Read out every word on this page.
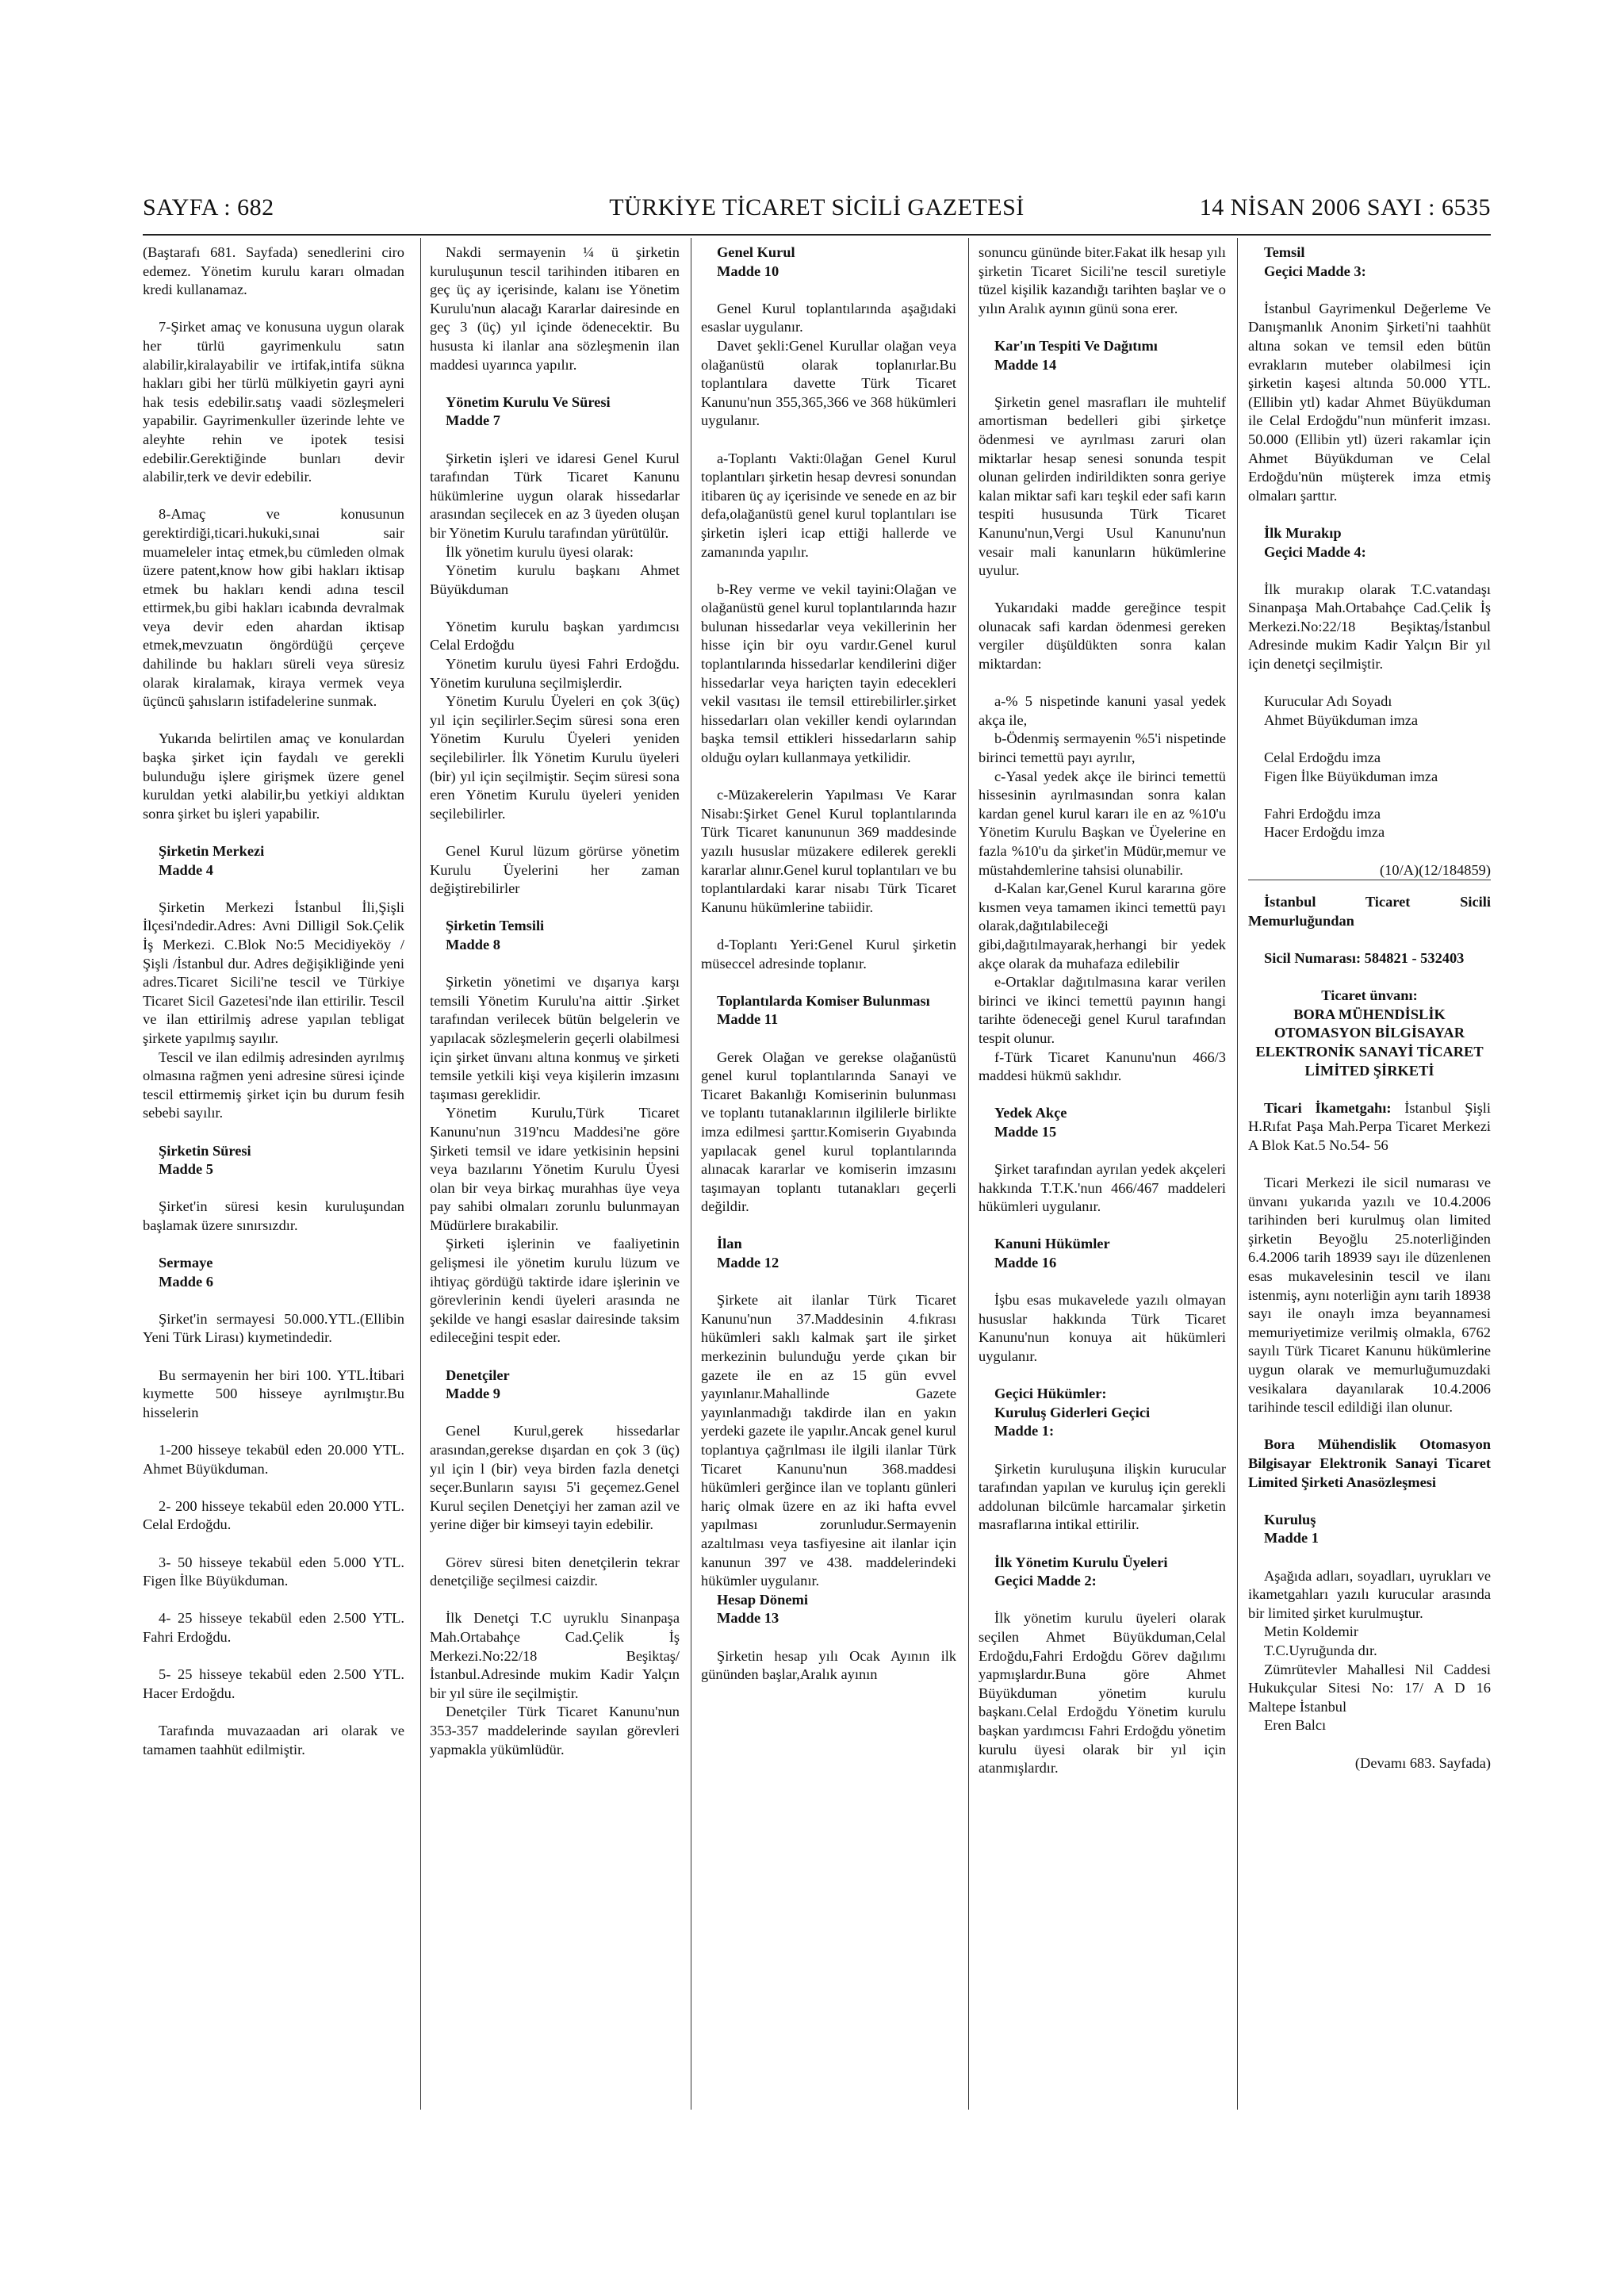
SAYFA : 682	TÜRKİYE TİCARET SİCİLİ GAZETESİ	14 NİSAN 2006 SAYI : 6535

(Baştarafı 681. Sayfada) senedlerini ciro edemez. Yönetim kurulu kararı olmadan kredi kullanamaz.

7-Şirket amaç ve konusuna uygun olarak her türlü gayrimenkulu satın alabilir,kiralayabilir ve irtifak,intifa sükna hakları gibi her türlü mülkiyetin gayri ayni hak tesis edebilir.satış vaadi sözleşmeleri yapabilir. Gayrimenkuller üzerinde lehte ve aleyhte rehin ve ipotek tesisi edebilir.Gerektiğinde bunları devir alabilir,terk ve devir edebilir.

8-Amaç ve konusunun gerektirdiği,ticari.hukuki,sınai sair muameleler intaç etmek,bu cümleden olmak üzere patent,know how gibi hakları iktisap etmek bu hakları kendi adına tescil ettirmek,bu gibi hakları icabında devralmak veya devir eden ahardan iktisap etmek,mevzuatın öngördüğü çerçeve dahilinde bu hakları süreli veya süresiz olarak kiralamak, kiraya vermek veya üçüncü şahısların istifadelerine sunmak.

Yukarıda belirtilen amaç ve konulardan başka şirket için faydalı ve gerekli bulunduğu işlere girişmek üzere genel kuruldan yetki alabilir,bu yetkiyi aldıktan sonra şirket bu işleri yapabilir.

Şirketin Merkezi

Madde 4

Şirketin Merkezi İstanbul İli,Şişli İlçesi'ndedir.Adres: Avni Dilligil Sok.Çelik İş Merkezi. C.Blok No:5 Mecidiyeköy / Şişli /İstanbul dur. Adres değişikliğinde yeni adres.Ticaret Sicili'ne tescil ve Türkiye Ticaret Sicil Gazetesi'nde ilan ettirilir. Tescil ve ilan ettirilmiş adrese yapılan tebligat şirkete yapılmış sayılır.

Tescil ve ilan edilmiş adresinden ayrılmış olmasına rağmen yeni adresine süresi içinde tescil ettirmemiş şirket için bu durum fesih sebebi sayılır.

Şirketin Süresi

Madde 5

Şirket'in süresi kesin kuruluşundan başlamak üzere sınırsızdır.

Sermaye

Madde 6

Şirket'in sermayesi 50.000.YTL.(Ellibin Yeni Türk Lirası) kıymetindedir.

Bu sermayenin her biri 100. YTL.İtibari kıymette 500 hisseye ayrılmıştır.Bu hisselerin

1-200 hisseye tekabül eden 20.000 YTL. Ahmet Büyükduman.

2- 200 hisseye tekabül eden 20.000 YTL. Celal Erdoğdu.

3- 50 hisseye tekabül eden 5.000 YTL. Figen İlke Büyükduman.

4- 25 hisseye tekabül eden 2.500 YTL. Fahri Erdoğdu.

5- 25 hisseye tekabül eden 2.500 YTL. Hacer Erdoğdu.

Tarafında muvazaadan ari olarak ve tamamen taahhüt edilmiştir.

Nakdi sermayenin ¼ ü şirketin kuruluşunun tescil tarihinden itibaren en geç üç ay içerisinde, kalanı ise Yönetim Kurulu'nun alacağı Kararlar dairesinde en geç 3 (üç) yıl içinde ödenecektir. Bu hususta ki ilanlar ana sözleşmenin ilan maddesi uyarınca yapılır.

Yönetim Kurulu Ve Süresi

Madde 7

Şirketin işleri ve idaresi Genel Kurul tarafından Türk Ticaret Kanunu hükümlerine uygun olarak hissedarlar arasından seçilecek en az 3 üyeden oluşan bir Yönetim Kurulu tarafından yürütülür.

İlk yönetim kurulu üyesi olarak:

Yönetim kurulu başkanı Ahmet Büyükduman

Yönetim kurulu başkan yardımcısı Celal Erdoğdu

Yönetim kurulu üyesi Fahri Erdoğdu. Yönetim kuruluna seçilmişlerdir.

Yönetim Kurulu Üyeleri en çok 3(üç) yıl için seçilirler.Seçim süresi sona eren Yönetim Kurulu Üyeleri yeniden seçilebilirler. İlk Yönetim Kurulu üyeleri (bir) yıl için seçilmiştir. Seçim süresi sona eren Yönetim Kurulu üyeleri yeniden seçilebilirler.

Genel Kurul lüzum görürse yönetim Kurulu Üyelerini her zaman değiştirebilirler

Şirketin Temsili

Madde 8

Şirketin yönetimi ve dışarıya karşı temsili Yönetim Kurulu'na aittir .Şirket tarafından verilecek bütün belgelerin ve yapılacak sözleşmelerin geçerli olabilmesi için şirket ünvanı altına konmuş ve şirketi temsile yetkili kişi veya kişilerin imzasını taşıması gereklidir.

Yönetim Kurulu,Türk Ticaret Kanunu'nun 319'ncu Maddesi'ne göre Şirketi temsil ve idare yetkisinin hepsini veya bazılarını Yönetim Kurulu Üyesi olan bir veya birkaç murahhas üye veya pay sahibi olmaları zorunlu bulunmayan Müdürlere bırakabilir.

Şirketi işlerinin ve faaliyetinin gelişmesi ile yönetim kurulu lüzum ve ihtiyaç gördüğü taktirde idare işlerinin ve görevlerinin kendi üyeleri arasında ne şekilde ve hangi esaslar dairesinde taksim edileceğini tespit eder.

Denetçiler

Madde 9

Genel Kurul,gerek hissedarlar arasından,gerekse dışardan en çok 3 (üç) yıl için l (bir) veya birden fazla denetçi seçer.Bunların sayısı 5'i geçemez.Genel Kurul seçilen Denetçiyi her zaman azil ve yerine diğer bir kimseyi tayin edebilir.

Görev süresi biten denetçilerin tekrar denetçiliğe seçilmesi caizdir.

İlk Denetçi T.C uyruklu Sinanpaşa Mah.Ortabahçe Cad.Çelik İş Merkezi.No:22/18 Beşiktaş/İstanbul.Adresinde mukim Kadir Yalçın bir yıl süre ile seçilmiştir.

Denetçiler Türk Ticaret Kanunu'nun 353-357 maddelerinde sayılan görevleri yapmakla yükümlüdür.

Genel Kurul

Madde 10

Genel Kurul toplantılarında aşağıdaki esaslar uygulanır.

Davet şekli:Genel Kurullar olağan veya olağanüstü olarak toplanırlar.Bu toplantılara davette Türk Ticaret Kanunu'nun 355,365,366 ve 368 hükümleri uygulanır.

a-Toplantı Vakti:0lağan Genel Kurul toplantıları şirketin hesap devresi sonundan itibaren üç ay içerisinde ve senede en az bir defa,olağanüstü genel kurul toplantıları ise şirketin işleri icap ettiği hallerde ve zamanında yapılır.

b-Rey verme ve vekil tayini:Olağan ve olağanüstü genel kurul toplantılarında hazır bulunan hissedarlar veya vekillerinin her hisse için bir oyu vardır.Genel kurul toplantılarında hissedarlar kendilerini diğer hissedarlar veya hariçten tayin edecekleri vekil vasıtası ile temsil ettirebilirler.şirket hissedarları olan vekiller kendi oylarından başka temsil ettikleri hissedarların sahip olduğu oyları kullanmaya yetkilidir.

c-Müzakerelerin Yapılması Ve Karar Nisabı:Şirket Genel Kurul toplantılarında Türk Ticaret kanununun 369 maddesinde yazılı hususlar müzakere edilerek gerekli kararlar alınır.Genel kurul toplantıları ve bu toplantılardaki karar nisabı Türk Ticaret Kanunu hükümlerine tabiidir.

d-Toplantı Yeri:Genel Kurul şirketin müseccel adresinde toplanır.

Toplantılarda Komiser Bulunması

Madde 11

Gerek Olağan ve gerekse olağanüstü genel kurul toplantılarında Sanayi ve Ticaret Bakanlığı Komiserinin bulunması ve toplantı tutanaklarının ilgililerle birlikte imza edilmesi şarttır.Komiserin Gıyabında yapılacak genel kurul toplantılarında alınacak kararlar ve komiserin imzasını taşımayan toplantı tutanakları geçerli değildir.

İlan

Madde 12

Şirkete ait ilanlar Türk Ticaret Kanunu'nun 37.Maddesinin 4.fıkrası hükümleri saklı kalmak şart ile şirket merkezinin bulunduğu yerde çıkan bir gazete ile en az 15 gün evvel yayınlanır.Mahallinde Gazete yayınlanmadığı takdirde ilan en yakın yerdeki gazete ile yapılır.Ancak genel kurul toplantıya çağrılması ile ilgili ilanlar Türk Ticaret Kanunu'nun 368.maddesi hükümleri gerğince ilan ve toplantı günleri hariç olmak üzere en az iki hafta evvel yapılması zorunludur.Sermayenin azaltılması veya tasfiyesine ait ilanlar için kanunun 397 ve 438. maddelerindeki hükümler uygulanır.

Hesap Dönemi

Madde 13

Şirketin hesap yılı Ocak Ayının ilk gününden başlar,Aralık ayının

sonuncu gününde biter.Fakat ilk hesap yılı şirketin Ticaret Sicili'ne tescil suretiyle tüzel kişilik kazandığı tarihten başlar ve o yılın Aralık ayının günü sona erer.

Kar'ın Tespiti Ve Dağıtımı

Madde 14

Şirketin genel masrafları ile muhtelif amortisman bedelleri gibi şirketçe ödenmesi ve ayrılması zaruri olan miktarlar hesap senesi sonunda tespit olunan gelirden indirildikten sonra geriye kalan miktar safi karı teşkil eder safi karın tespiti hususunda Türk Ticaret Kanunu'nun,Vergi Usul Kanunu'nun vesair mali kanunların hükümlerine uyulur.

Yukarıdaki madde gereğince tespit olunacak safi kardan ödenmesi gereken vergiler düşüldükten sonra kalan miktardan:

a-% 5 nispetinde kanuni yasal yedek akça ile,

b-Ödenmiş sermayenin %5'i nispetinde birinci temettü payı ayrılır,

c-Yasal yedek akçe ile birinci temettü hissesinin ayrılmasından sonra kalan kardan genel kurul kararı ile en az %10'u Yönetim Kurulu Başkan ve Üyelerine en fazla %10'u da şirket'in Müdür,memur ve müstahdemlerine tahsisi olunabilir.

d-Kalan kar,Genel Kurul kararına göre kısmen veya tamamen ikinci temettü payı olarak,dağıtılabileceği gibi,dağıtılmayarak,herhangi bir yedek akçe olarak da muhafaza edilebilir

e-Ortaklar dağıtılmasına karar verilen birinci ve ikinci temettü payının hangi tarihte ödeneceği genel Kurul tarafından tespit olunur.

f-Türk Ticaret Kanunu'nun 466/3 maddesi hükmü saklıdır.

Yedek Akçe

Madde 15

Şirket tarafından ayrılan yedek akçeleri hakkında T.T.K.'nun 466/467 maddeleri hükümleri uygulanır.

Kanuni Hükümler

Madde 16

İşbu esas mukavelede yazılı olmayan hususlar hakkında Türk Ticaret Kanunu'nun konuya ait hükümleri uygulanır.

Geçici Hükümler:

Kuruluş Giderleri Geçici

Madde 1:

Şirketin kuruluşuna ilişkin kurucular tarafından yapılan ve kuruluş için gerekli addolunan bilcümle harcamalar şirketin masraflarına intikal ettirilir.

İlk Yönetim Kurulu Üyeleri

Geçici Madde 2:

İlk yönetim kurulu üyeleri olarak seçilen Ahmet Büyükduman,Celal Erdoğdu,Fahri Erdoğdu Görev dağılımı yapmışlardır.Buna göre Ahmet Büyükduman yönetim kurulu başkanı.Celal Erdoğdu Yönetim kurulu başkan yardımcısı Fahri Erdoğdu yönetim kurulu üyesi olarak bir yıl için atanmışlardır.

Temsil

Geçici Madde 3:

İstanbul Gayrimenkul Değerleme Ve Danışmanlık Anonim Şirketi'ni taahhüt altına sokan ve temsil eden bütün evrakların muteber olabilmesi için şirketin kaşesi altında 50.000 YTL.(Ellibin ytl) kadar Ahmet Büyükduman ile Celal Erdoğdu"nun münferit imzası. 50.000 (Ellibin ytl) üzeri rakamlar için Ahmet Büyükduman ve Celal Erdoğdu'nün müşterek imza etmiş olmaları şarttır.

İlk Murakıp

Geçici Madde 4:

İlk murakıp olarak T.C.vatandaşı Sinanpaşa Mah.Ortabahçe Cad.Çelik İş Merkezi.No:22/18 Beşiktaş/İstanbul Adresinde mukim Kadir Yalçın Bir yıl için denetçi seçilmiştir.

Kurucular Adı Soyadı

Ahmet Büyükduman imza

Celal Erdoğdu imza

Figen İlke Büyükduman imza

Fahri Erdoğdu imza

Hacer Erdoğdu imza

(10/A)(12/184859)

İstanbul Ticaret Sicili Memurluğundan

Sicil Numarası: 584821 - 532403

Ticaret ünvanı:

BORA MÜHENDİSLİK OTOMASYON BİLGİSAYAR ELEKTRONİK SANAYİ TİCARET LİMİTED ŞİRKETİ

Ticari İkametgahı: İstanbul Şişli H.Rıfat Paşa Mah.Perpa Ticaret Merkezi A Blok Kat.5 No.54- 56

Ticari Merkezi ile sicil numarası ve ünvanı yukarıda yazılı ve 10.4.2006 tarihinden beri kurulmuş olan limited şirketin Beyoğlu 25.noterliğinden 6.4.2006 tarih 18939 sayı ile düzenlenen esas mukavelesinin tescil ve ilanı istenmiş, aynı noterliğin aynı tarih 18938 sayı ile onaylı imza beyannamesi memuriyetimize verilmiş olmakla, 6762 sayılı Türk Ticaret Kanunu hükümlerine uygun olarak ve memurluğumuzdaki vesikalara dayanılarak 10.4.2006 tarihinde tescil edildiği ilan olunur.

Bora Mühendislik Otomasyon Bilgisayar Elektronik Sanayi Ticaret Limited Şirketi Anasözleşmesi

Kuruluş

Madde 1

Aşağıda adları, soyadları, uyrukları ve ikametgahları yazılı kurucular arasında bir limited şirket kurulmuştur.

Metin Koldemir

T.C.Uyruğunda dır.

Zümrütevler Mahallesi Nil Caddesi Hukukçular Sitesi No: 17/ A D 16 Maltepe İstanbul

Eren Balcı

(Devamı 683. Sayfada)
